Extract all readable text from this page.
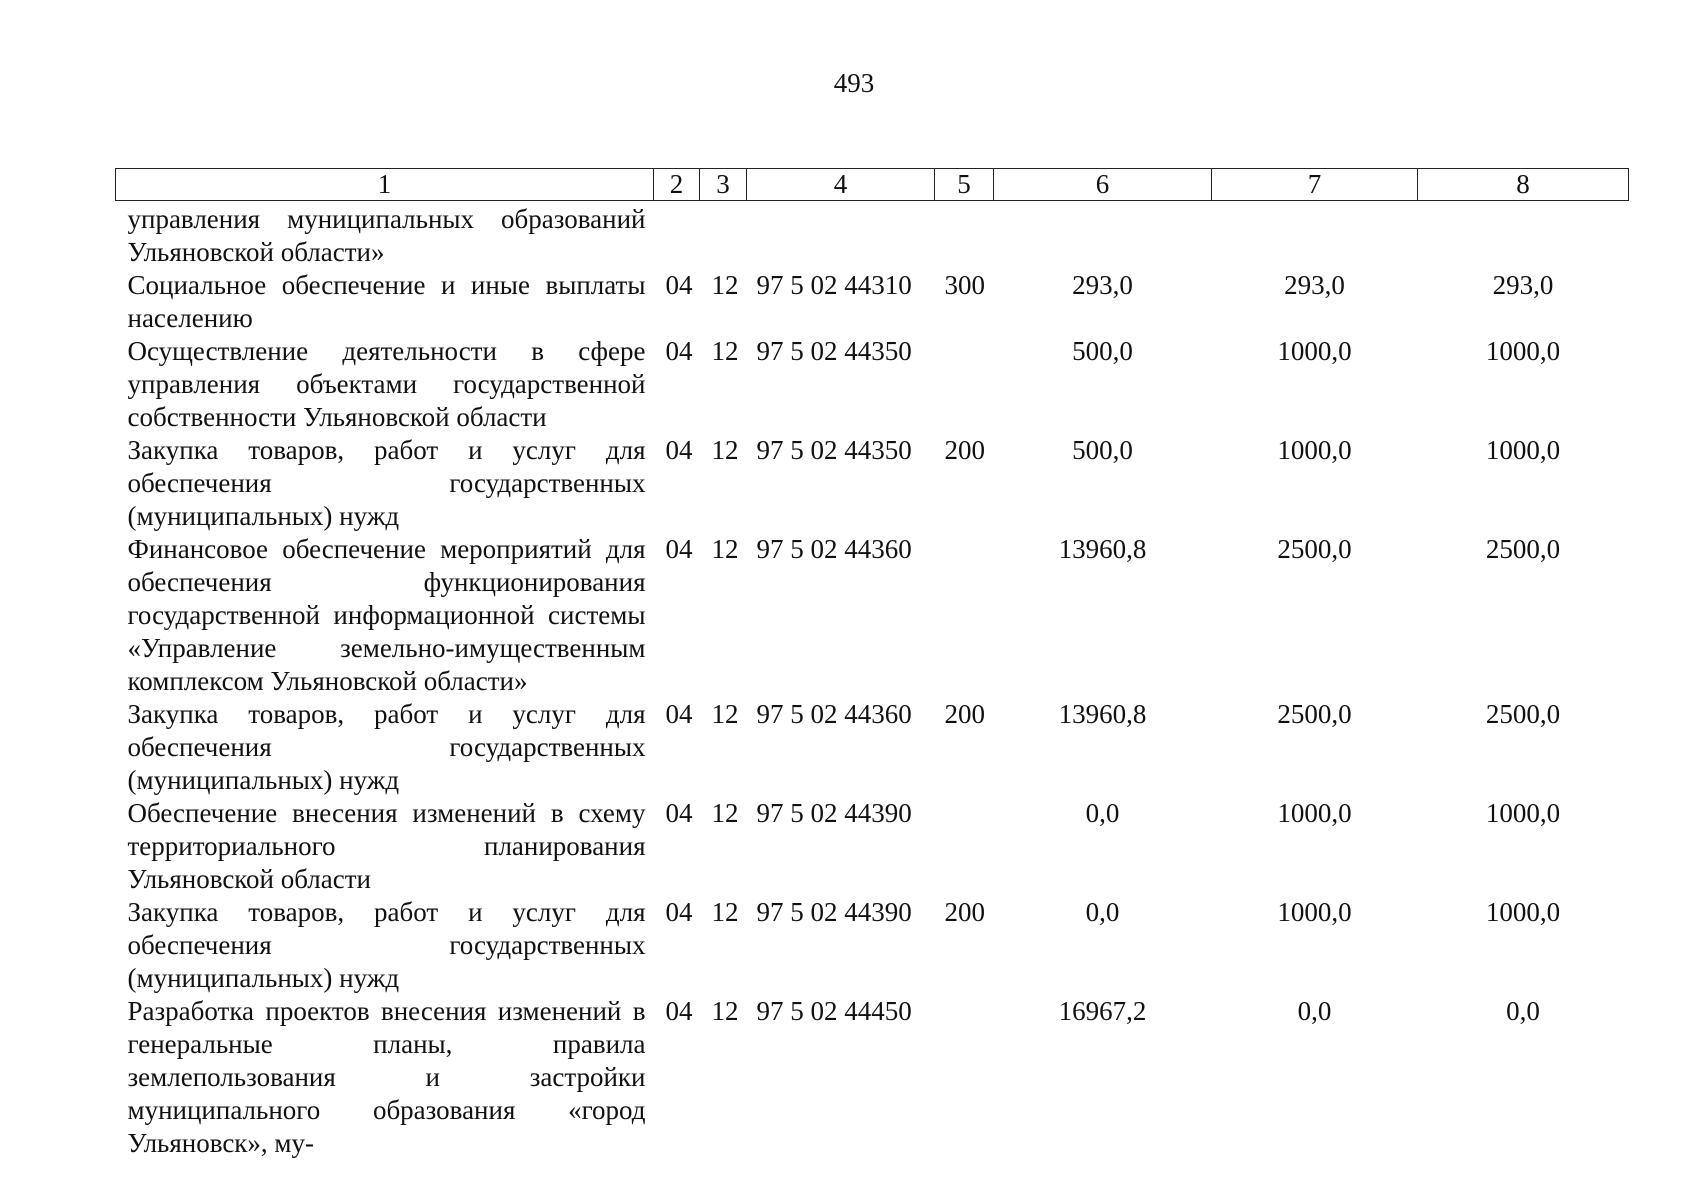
493
1	2	3	4	5	6	7	8
управления муниципальных образований Ульяновской области»							
Социальное обеспечение и иные выплаты населению	04	12	97 5 02 44310	300	293,0	293,0	293,0
Осуществление деятельности в сфере управления объектами государственной собственности Ульяновской области	04	12	97 5 02 44350		500,0	1000,0	1000,0
Закупка товаров, работ и услуг для обеспечения государственных (муниципальных) нужд	04	12	97 5 02 44350	200	500,0	1000,0	1000,0
Финансовое обеспечение мероприятий для обеспечения функционирования государственной информационной системы «Управление земельно-имущественным комплексом Ульяновской области»	04	12	97 5 02 44360		13960,8	2500,0	2500,0
Закупка товаров, работ и услуг для обеспечения государственных (муниципальных) нужд	04	12	97 5 02 44360	200	13960,8	2500,0	2500,0
Обеспечение внесения изменений в схему территориального планирования Ульяновской области	04	12	97 5 02 44390		0,0	1000,0	1000,0
Закупка товаров, работ и услуг для обеспечения государственных (муниципальных) нужд	04	12	97 5 02 44390	200	0,0	1000,0	1000,0
Разработка проектов внесения изменений в генеральные планы, правила землепользования и застройки муниципального образования «город Ульяновск», му-	04	12	97 5 02 44450		16967,2	0,0	0,0
